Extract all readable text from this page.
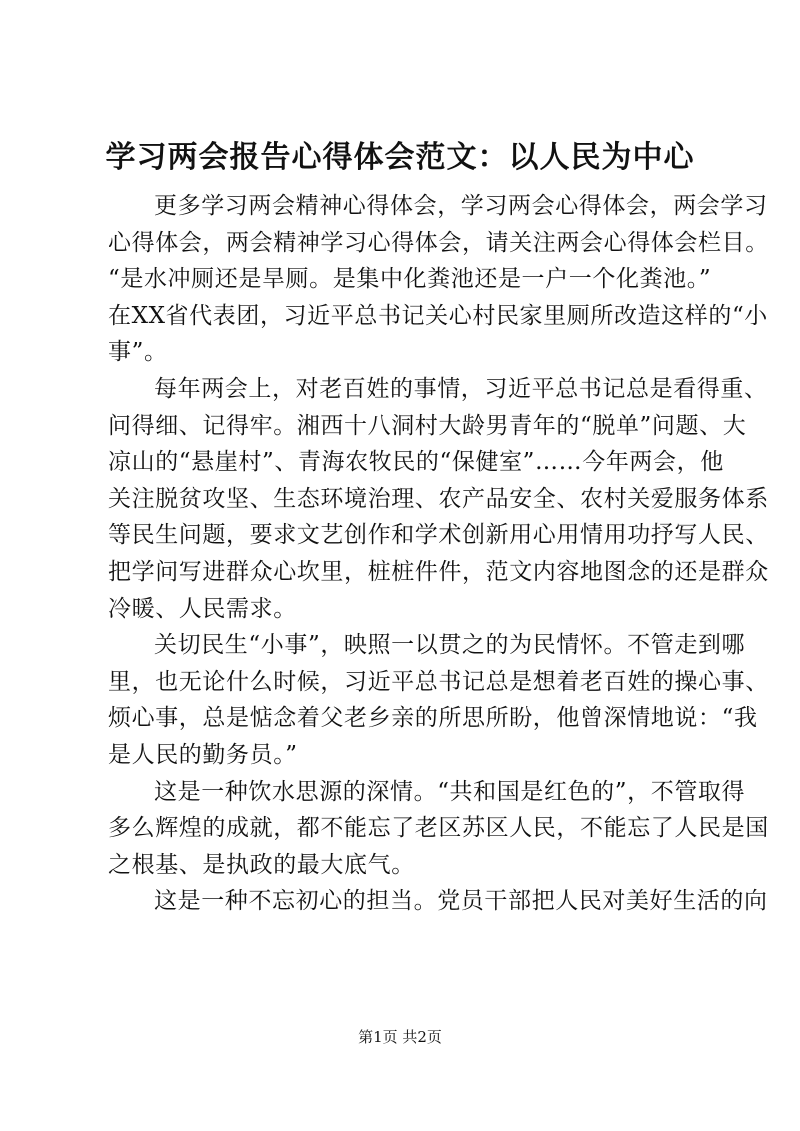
学习两会报告心得体会范文：以人民为中心
更多学习两会精神心得体会，学习两会心得体会，两会学习
心得体会，两会精神学习心得体会，请关注两会心得体会栏目。
“是水冲厕还是旱厕。是集中化粪池还是一户一个化粪池。”
在XX省代表团，习近平总书记关心村民家里厕所改造这样的“小
事”。
每年两会上，对老百姓的事情，习近平总书记总是看得重、
问得细、记得牢。湘西十八洞村大龄男青年的“脱单”问题、大
凉山的“悬崖村”、青海农牧民的“保健室”……今年两会，他
关注脱贫攻坚、生态环境治理、农产品安全、农村关爱服务体系
等民生问题，要求文艺创作和学术创新用心用情用功抒写人民、
把学问写进群众心坎里，桩桩件件，范文内容地图念的还是群众
冷暖、人民需求。
关切民生“小事”，映照一以贯之的为民情怀。不管走到哪
里，也无论什么时候，习近平总书记总是想着老百姓的操心事、
烦心事，总是惦念着父老乡亲的所思所盼，他曾深情地说：“我
是人民的勤务员。”
这是一种饮水思源的深情。“共和国是红色的”，不管取得
多么辉煌的成就，都不能忘了老区苏区人民，不能忘了人民是国
之根基、是执政的最大底气。
这是一种不忘初心的担当。党员干部把人民对美好生活的向
第1页 共2页
